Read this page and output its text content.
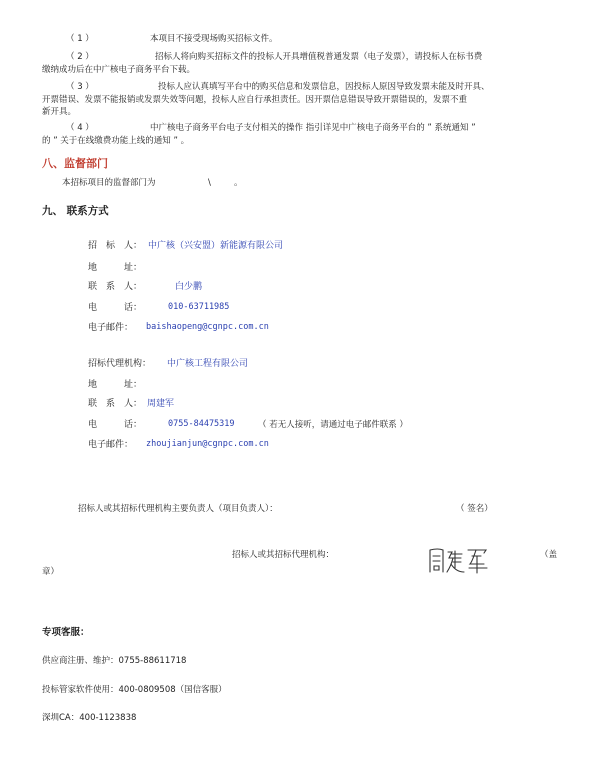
（ 1 ）	本项目不接受现场购买招标文件。
（ 2 ）	招标人将向购买招标文件的投标人开具增值税普通发票（电子发票），请投标人在标书费
缴纳成功后在中广核电子商务平台下载。
（ 3 ）	投标人应认真填写平台中的购买信息和发票信息，因投标人原因导致发票未能及时开具、
开票错误、发票不能报销或发票失效等问题，投标人应自行承担责任。因开票信息错误导致开票错误的，发票不重
新开具。
（ 4 ）	中广核电子商务平台电子支付相关的操作 指引详见中广核电子商务平台的 ” 系统通知 ”
的 ” 关于在线缴费功能上线的通知 ” 。
八、监督部门
本招标项目的监督部门为	\	。
九、 联系方式
招　标　人： 中广核（兴安盟）新能源有限公司
地　　　址：
联　系　人：	白少鹏
电　　　话：	010-63711985
电子邮件： baishaopeng@cgnpc.com.cn
招标代理机构： 中广核工程有限公司
地　　　址：
联　系　人： 周建军
电　　　话：	0755-84475319	（ 若无人接听，请通过电子邮件联系 ）
电子邮件： zhoujianjun@cgnpc.com.cn
招标人或其招标代理机构主要负责人（项目负责人）：	（ 签名）
招标人或其招标代理机构：	（盖
章）
专项客服：
供应商注册、维护：0755-88611718
投标管家软件使用：400-0809508（国信客服）
深圳CA：400-1123838
